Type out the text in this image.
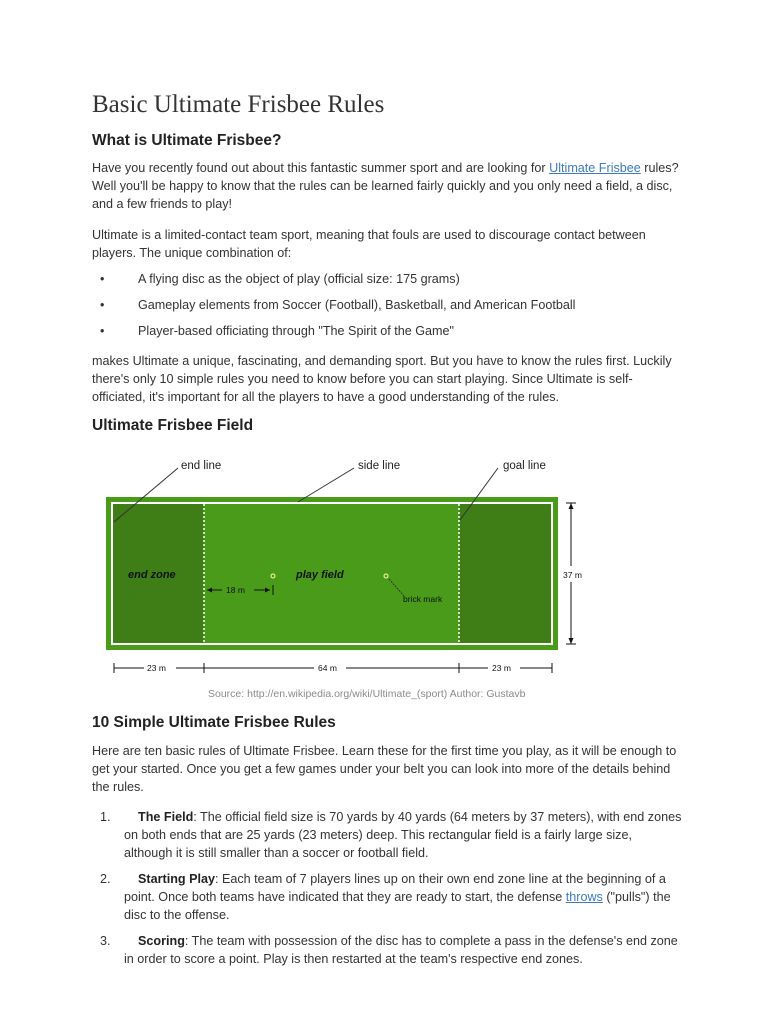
Basic Ultimate Frisbee Rules
What is Ultimate Frisbee?

Have you recently found out about this fantastic summer sport and are looking for Ultimate Frisbee rules? Well you'll be happy to know that the rules can be learned fairly quickly and you only need a field, a disc, and a few friends to play!

Ultimate is a limited-contact team sport, meaning that fouls are used to discourage contact between players. The unique combination of:

•	A flying disc as the object of play (official size: 175 grams)
•	Gameplay elements from Soccer (Football), Basketball, and American Football
•	Player-based officiating through "The Spirit of the Game"

makes Ultimate a unique, fascinating, and demanding sport. But you have to know the rules first. Luckily there's only 10 simple rules you need to know before you can start playing. Since Ultimate is self-officiated, it's important for all the players to have a good understanding of the rules.

Ultimate Frisbee Field
end line	side line	goal line
end zone	play field
18 m
brick mark
37 m
23 m	64 m	23 m
Source: http://en.wikipedia.org/wiki/Ultimate_(sport) Author: Gustavb
10 Simple Ultimate Frisbee Rules

Here are ten basic rules of Ultimate Frisbee. Learn these for the first time you play, as it will be enough to get your started. Once you get a few games under your belt you can look into more of the details behind the rules.

1. The Field: The official field size is 70 yards by 40 yards (64 meters by 37 meters), with end zones on both ends that are 25 yards (23 meters) deep. This rectangular field is a fairly large size, although it is still smaller than a soccer or football field.
2. Starting Play: Each team of 7 players lines up on their own end zone line at the beginning of a point. Once both teams have indicated that they are ready to start, the defense throws ("pulls") the disc to the offense.
3. Scoring: The team with possession of the disc has to complete a pass in the defense's end zone in order to score a point. Play is then restarted at the team's respective end zones.
